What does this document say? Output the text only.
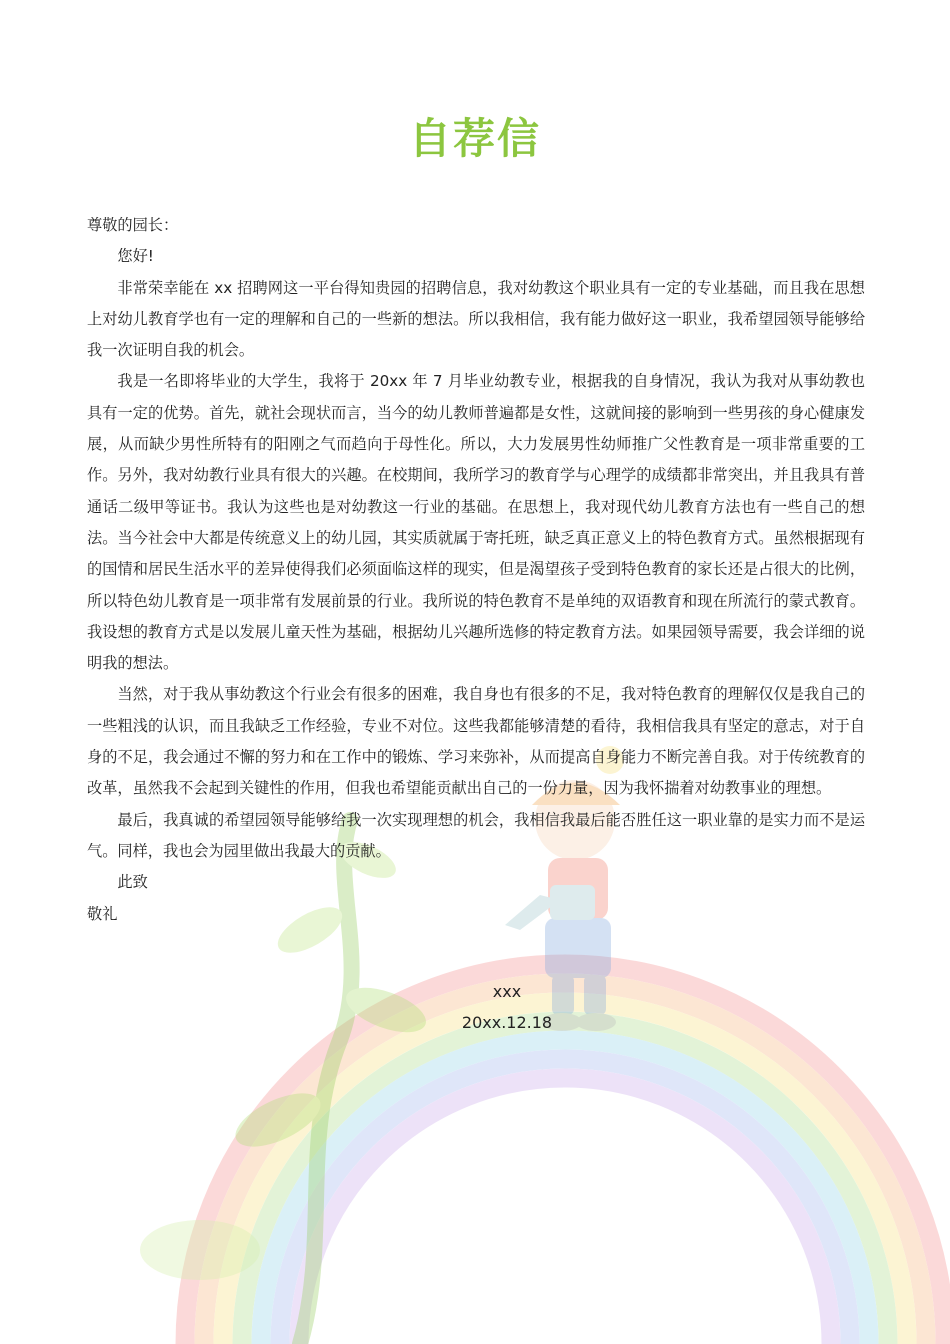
自荐信

尊敬的园长：

您好!

非常荣幸能在 xx 招聘网这一平台得知贵园的招聘信息，我对幼教这个职业具有一定的专业基础，而且我在思想上对幼儿教育学也有一定的理解和自己的一些新的想法。所以我相信，我有能力做好这一职业，我希望园领导能够给我一次证明自我的机会。

我是一名即将毕业的大学生，我将于 20xx 年 7 月毕业幼教专业，根据我的自身情况，我认为我对从事幼教也具有一定的优势。首先，就社会现状而言，当今的幼儿教师普遍都是女性，这就间接的影响到一些男孩的身心健康发展，从而缺少男性所特有的阳刚之气而趋向于母性化。所以，大力发展男性幼师推广父性教育是一项非常重要的工作。另外，我对幼教行业具有很大的兴趣。在校期间，我所学习的教育学与心理学的成绩都非常突出，并且我具有普通话二级甲等证书。我认为这些也是对幼教这一行业的基础。在思想上，我对现代幼儿教育方法也有一些自己的想法。当今社会中大都是传统意义上的幼儿园，其实质就属于寄托班，缺乏真正意义上的特色教育方式。虽然根据现有的国情和居民生活水平的差异使得我们必须面临这样的现实，但是渴望孩子受到特色教育的家长还是占很大的比例，所以特色幼儿教育是一项非常有发展前景的行业。我所说的特色教育不是单纯的双语教育和现在所流行的蒙式教育。我设想的教育方式是以发展儿童天性为基础，根据幼儿兴趣所选修的特定教育方法。如果园领导需要，我会详细的说明我的想法。

当然，对于我从事幼教这个行业会有很多的困难，我自身也有很多的不足，我对特色教育的理解仅仅是我自己的一些粗浅的认识，而且我缺乏工作经验，专业不对位。这些我都能够清楚的看待，我相信我具有坚定的意志，对于自身的不足，我会通过不懈的努力和在工作中的锻炼、学习来弥补，从而提高自身能力不断完善自我。对于传统教育的改革，虽然我不会起到关键性的作用，但我也希望能贡献出自己的一份力量，因为我怀揣着对幼教事业的理想。

最后，我真诚的希望园领导能够给我一次实现理想的机会，我相信我最后能否胜任这一职业靠的是实力而不是运气。同样，我也会为园里做出我最大的贡献。

此致

敬礼

xxx
20xx.12.18
